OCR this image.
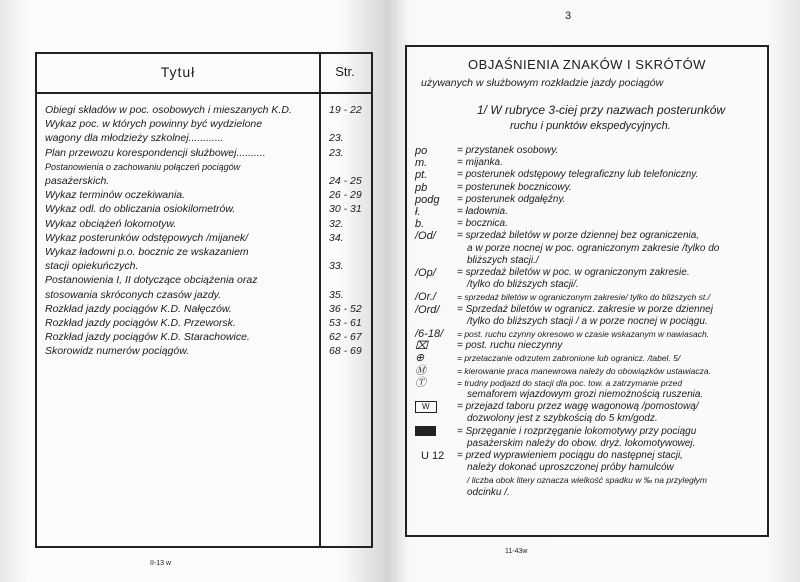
Tytuł	Str.
Obiegi składów w poc. osobowych i mieszanych K.D.	19 - 22
Wykaz poc. w których powinny być wydzielone
wagony dla młodzieży szkolnej............	23.
Plan przewozu korespondencji służbowej..........	23.
Postanowienia o zachowaniu połączeń pociągów
pasażerskich.	24 - 25
Wykaz terminów oczekiwania.	26 - 29
Wykaz odl. do obliczania osiokilometrów.	30 - 31
Wykaz obciążeń lokomotyw.	32.
Wykaz posterunków odstępowych /mijanek/	34.
Wykaz ładowni p.o. bocznic ze wskazaniem
stacji opiekuńczych.	33.
Postanowienia I, II dotyczące obciążenia oraz
stosowania skróconych czasów jazdy.	35.
Rozkład jazdy pociągów K.D. Nałęczów.	36 - 52
Rozkład jazdy pociągów K.D. Przeworsk.	53 - 61
Rozkład jazdy pociągów K.D. Starachowice.	62 - 67
Skorowidz numerów pociągów.	68 - 69
II-13 w
3
OBJAŚNIENIA ZNAKÓW I SKRÓTÓW
używanych w służbowym rozkładzie jazdy pociągów
1/ W rubryce 3-ciej przy nazwach posterunków
ruchu i punktów ekspedycyjnych.
po	= przystanek osobowy.
m.	= mijanka.
pt.	= posterunek odstępowy telegraficzny lub telefoniczny.
pb	= posterunek bocznicowy.
podg = posterunek odgałęźny.
ł.	= ładownia.
b.	= bocznica.
/Od/ = sprzedaż biletów w porze dziennej bez ograniczenia,
a w porze nocnej w poc. ograniczonym zakresie /tylko do
bliższych stacji./
/Op/ = sprzedaż biletów w poc. w ograniczonym zakresie.
/tylko do bliższych stacji/.
/Or./ = sprzedaż biletów w ograniczonym zakresie/ tylko do bliższych st./
/Ord/ = Sprzedaż biletów w ogranicz. zakresie w porze dziennej
/tylko do bliższych stacji / a w porze nocnej w pociągu.
/6-18/ = post. ruchu czynny okresowo w czasie wskazanym w nawiasach.
⌧	= post. ruchu nieczynny
⊕	= przetaczanie odrzutem zabronione lub ogranicz. /tabel. 5/
Ⓜ	= kierowanie praca manewrowa należy do obowiązków ustawiacza.
Ⓣ	= trudny podjazd do stacji dla poc. tow. a zatrzymanie przed
semaforem wjazdowym grozi niemożnością ruszenia.
W	= przejazd taboru przez wagę wagonową /pomostową/
dozwolony jest z szybkością do 5 km/godz.
ZZZ	= Sprzęganie i rozprzęganie lokomotywy przy pociągu
pasażerskim należy do obow. drуż. lokomotywowej.
U 12 = przed wyprawieniem pociągu do następnej stacji,
należy dokonać uproszczonej próby hamulców
/ liczba obok litery oznacza wielkość spadku w ‰ na przyległym
odcinku /.
11-43w
